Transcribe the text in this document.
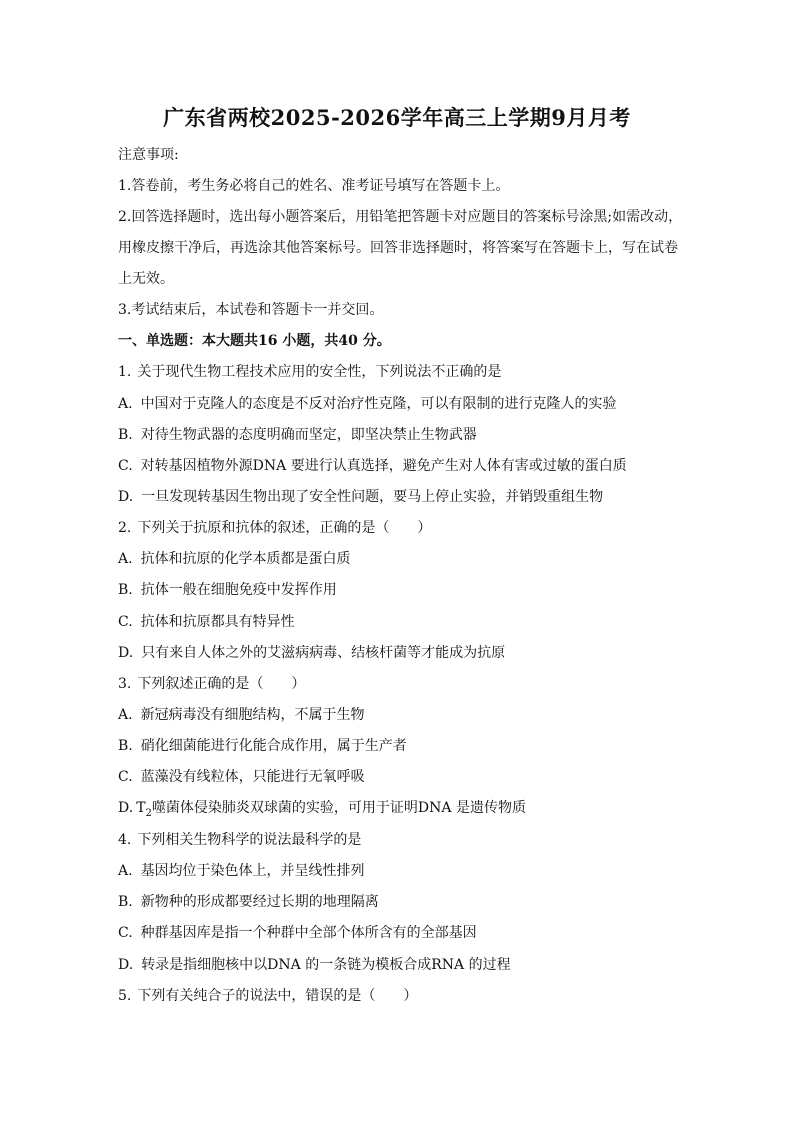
广东省两校2025-2026学年高三上学期9月月考
注意事项:
1.答卷前，考生务必将自己的姓名、准考证号填写在答题卡上。
2.回答选择题时，选出每小题答案后，用铅笔把答题卡对应题目的答案标号涂黑;如需改动，
用橡皮擦干净后，再选涂其他答案标号。回答非选择题时，将答案写在答题卡上，写在试卷
上无效。
3.考试结束后，本试卷和答题卡一并交回。
一、单选题：本大题共16 小题，共40 分。
1. 关于现代生物工程技术应用的安全性，下列说法不正确的是
A. 中国对于克隆人的态度是不反对治疗性克隆，可以有限制的进行克隆人的实验
B. 对待生物武器的态度明确而坚定，即坚决禁止生物武器
C. 对转基因植物外源DNA 要进行认真选择，避免产生对人体有害或过敏的蛋白质
D. 一旦发现转基因生物出现了安全性问题，要马上停止实验，并销毁重组生物
2. 下列关于抗原和抗体的叙述，正确的是（　　）
A. 抗体和抗原的化学本质都是蛋白质
B. 抗体一般在细胞免疫中发挥作用
C. 抗体和抗原都具有特异性
D. 只有来自人体之外的艾滋病病毒、结核杆菌等才能成为抗原
3. 下列叙述正确的是（　　）
A. 新冠病毒没有细胞结构，不属于生物
B. 硝化细菌能进行化能合成作用，属于生产者
C. 蓝藻没有线粒体，只能进行无氧呼吸
D. $T_2$噬菌体侵染肺炎双球菌的实验，可用于证明DNA 是遗传物质
4. 下列相关生物科学的说法最科学的是
A. 基因均位于染色体上，并呈线性排列
B. 新物种的形成都要经过长期的地理隔离
C. 种群基因库是指一个种群中全部个体所含有的全部基因
D. 转录是指细胞核中以DNA 的一条链为模板合成RNA 的过程
5. 下列有关纯合子的说法中，错误的是（　　）
